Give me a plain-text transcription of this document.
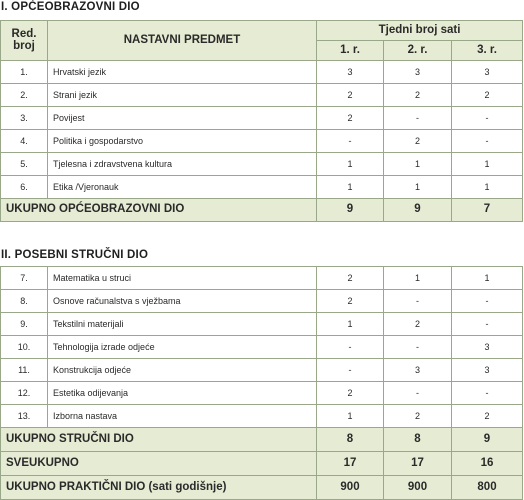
I. OPĆEOBRAZOVNI DIO
Red. broj	NASTAVNI PREDMET	Tjedni broj sati		
		1. r.	2. r.	3. r.
1.	Hrvatski jezik	3	3	3
2.	Strani jezik	2	2	2
3.	Povijest	2	-	-
4.	Politika i gospodarstvo	-	2	-
5.	Tjelesna i zdravstvena kultura	1	1	1
6.	Etika /Vjeronauk	1	1	1
UKUPNO OPĆEOBRAZOVNI DIO		9	9	7
II. POSEBNI STRUČNI DIO
7.	Matematika u struci	2	1	1
8.	Osnove računalstva s vježbama	2	-	-
9.	Tekstilni materijali	1	2	-
10.	Tehnologija izrade odjeće	-	-	3
11.	Konstrukcija odjeće	-	3	3
12.	Estetika odijevanja	2	-	-
13.	Izborna nastava	1	2	2
UKUPNO STRUČNI DIO		8	8	9
SVEUKUPNO		17	17	16
UKUPNO PRAKTIČNI DIO (sati godišnje)		900	900	800
